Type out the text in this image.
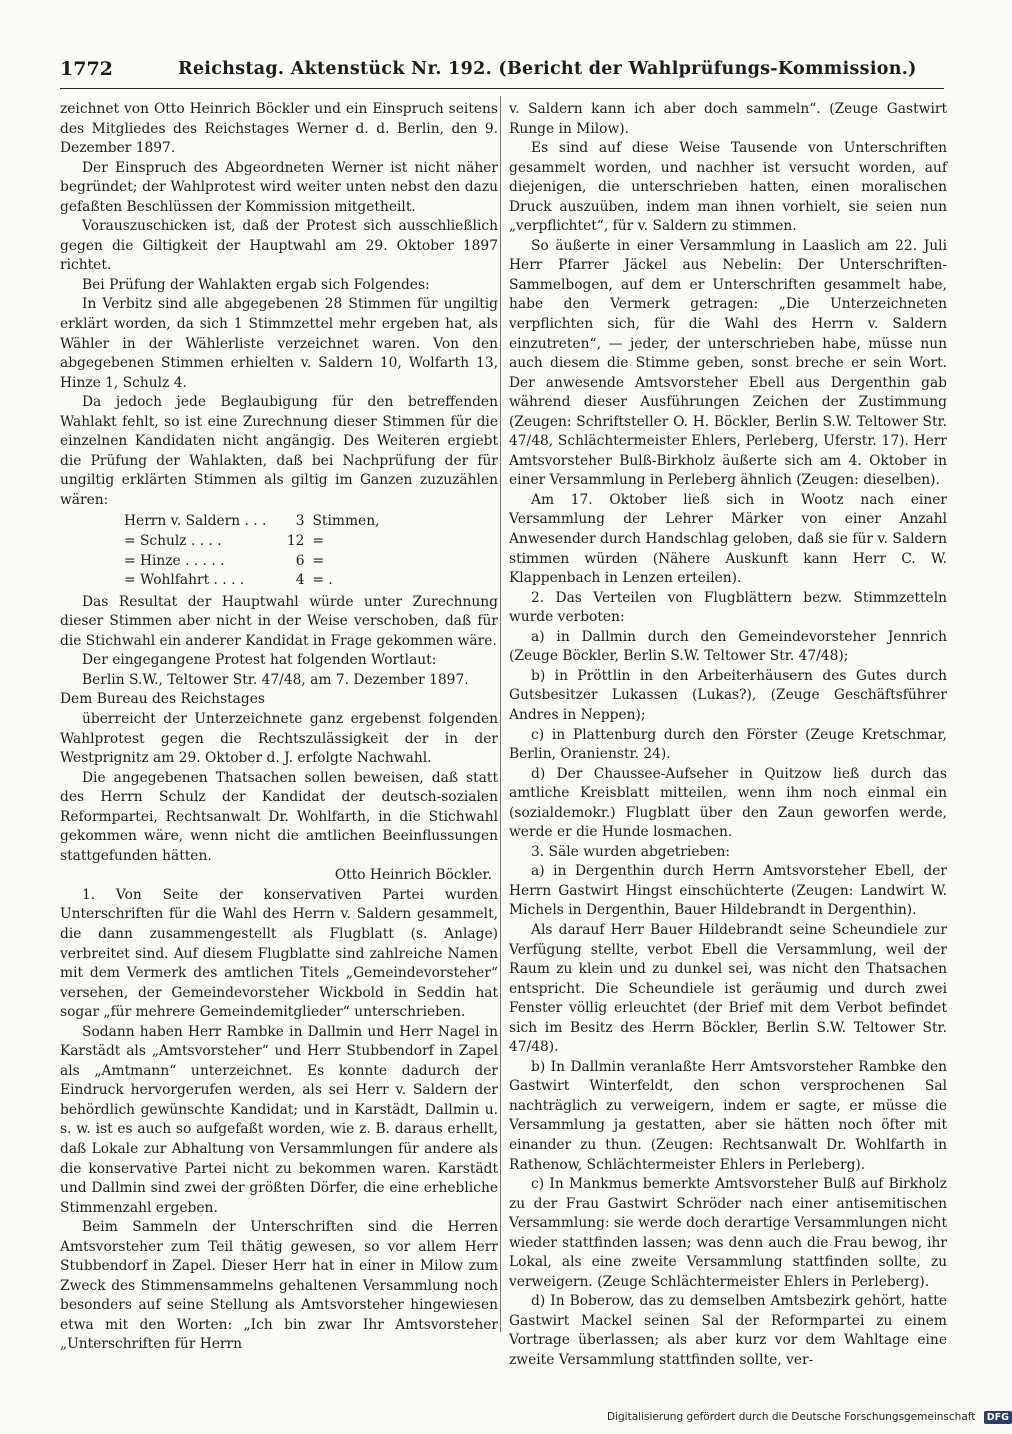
1772	Reichstag. Aktenstück Nr. 192. (Bericht der Wahlprüfungs-Kommission.)

zeichnet von Otto Heinrich Böckler und ein Einspruch seitens des Mitgliedes des Reichstages Werner d. d. Berlin, den 9. Dezember 1897.

Der Einspruch des Abgeordneten Werner ist nicht näher begründet; der Wahlprotest wird weiter unten nebst den dazu gefaßten Beschlüssen der Kommission mitgetheilt.

Vorauszuschicken ist, daß der Protest sich ausschließlich gegen die Giltigkeit der Hauptwahl am 29. Oktober 1897 richtet.

Bei Prüfung der Wahlakten ergab sich Folgendes:

In Verbitz sind alle abgegebenen 28 Stimmen für ungiltig erklärt worden, da sich 1 Stimmzettel mehr ergeben hat, als Wähler in der Wählerliste verzeichnet waren. Von den abgegebenen Stimmen erhielten v. Saldern 10, Wolfarth 13, Hinze 1, Schulz 4.

Da jedoch jede Beglaubigung für den betreffenden Wahlakt fehlt, so ist eine Zurechnung dieser Stimmen für die einzelnen Kandidaten nicht angängig. Des Weiteren ergiebt die Prüfung der Wahlakten, daß bei Nachprüfung der für ungiltig erklärten Stimmen als giltig im Ganzen zuzuzählen wären:

Herrn v. Saldern . . .	3	Stimmen,
= Schulz . . . .	12	=
= Hinze . . . . .	6	=
= Wohlfahrt . . . .	4	= .

Das Resultat der Hauptwahl würde unter Zurechnung dieser Stimmen aber nicht in der Weise verschoben, daß für die Stichwahl ein anderer Kandidat in Frage gekommen wäre.

Der eingegangene Protest hat folgenden Wortlaut:

Berlin S.W., Teltower Str. 47/48, am 7. Dezember 1897.

Dem Bureau des Reichstages

überreicht der Unterzeichnete ganz ergebenst folgenden Wahlprotest gegen die Rechtszulässigkeit der in der Westprignitz am 29. Oktober d. J. erfolgte Nachwahl.

Die angegebenen Thatsachen sollen beweisen, daß statt des Herrn Schulz der Kandidat der deutsch-sozialen Reformpartei, Rechtsanwalt Dr. Wohlfarth, in die Stichwahl gekommen wäre, wenn nicht die amtlichen Beeinflussungen stattgefunden hätten.

Otto Heinrich Böckler.

1. Von Seite der konservativen Partei wurden Unterschriften für die Wahl des Herrn v. Saldern gesammelt, die dann zusammengestellt als Flugblatt (s. Anlage) verbreitet sind. Auf diesem Flugblatte sind zahlreiche Namen mit dem Vermerk des amtlichen Titels „Gemeindevorsteher“ versehen, der Gemeindevorsteher Wickbold in Seddin hat sogar „für mehrere Gemeindemitglieder“ unterschrieben.

Sodann haben Herr Rambke in Dallmin und Herr Nagel in Karstädt als „Amtsvorsteher“ und Herr Stubbendorf in Zapel als „Amtmann“ unterzeichnet. Es konnte dadurch der Eindruck hervorgerufen werden, als sei Herr v. Saldern der behördlich gewünschte Kandidat; und in Karstädt, Dallmin u. s. w. ist es auch so aufgefaßt worden, wie z. B. daraus erhellt, daß Lokale zur Abhaltung von Versammlungen für andere als die konservative Partei nicht zu bekommen waren. Karstädt und Dallmin sind zwei der größten Dörfer, die eine erhebliche Stimmenzahl ergeben.

Beim Sammeln der Unterschriften sind die Herren Amtsvorsteher zum Teil thätig gewesen, so vor allem Herr Stubbendorf in Zapel. Dieser Herr hat in einer in Milow zum Zweck des Stimmensammelns gehaltenen Versammlung noch besonders auf seine Stellung als Amtsvorsteher hingewiesen etwa mit den Worten: „Ich bin zwar Ihr Amtsvorsteher „Unterschriften für Herrn

v. Saldern kann ich aber doch sammeln“. (Zeuge Gastwirt Runge in Milow).

Es sind auf diese Weise Tausende von Unterschriften gesammelt worden, und nachher ist versucht worden, auf diejenigen, die unterschrieben hatten, einen moralischen Druck auszuüben, indem man ihnen vorhielt, sie seien nun „verpflichtet“, für v. Saldern zu stimmen.

So äußerte in einer Versammlung in Laaslich am 22. Juli Herr Pfarrer Jäckel aus Nebelin: Der Unterschriften-Sammelbogen, auf dem er Unterschriften gesammelt habe, habe den Vermerk getragen: „Die Unterzeichneten verpflichten sich, für die Wahl des Herrn v. Saldern einzutreten“, — jeder, der unterschrieben habe, müsse nun auch diesem die Stimme geben, sonst breche er sein Wort. Der anwesende Amtsvorsteher Ebell aus Dergenthin gab während dieser Ausführungen Zeichen der Zustimmung (Zeugen: Schriftsteller O. H. Böckler, Berlin S.W. Teltower Str. 47/48, Schlächtermeister Ehlers, Perleberg, Uferstr. 17). Herr Amtsvorsteher Bulß-Birkholz äußerte sich am 4. Oktober in einer Versammlung in Perleberg ähnlich (Zeugen: dieselben).

Am 17. Oktober ließ sich in Wootz nach einer Versammlung der Lehrer Märker von einer Anzahl Anwesender durch Handschlag geloben, daß sie für v. Saldern stimmen würden (Nähere Auskunft kann Herr C. W. Klappenbach in Lenzen erteilen).

2. Das Verteilen von Flugblättern bezw. Stimmzetteln wurde verboten:

a) in Dallmin durch den Gemeindevorsteher Jennrich (Zeuge Böckler, Berlin S.W. Teltower Str. 47/48);

b) in Pröttlin in den Arbeiterhäusern des Gutes durch Gutsbesitzer Lukassen (Lukas?), (Zeuge Geschäftsführer Andres in Neppen);

c) in Plattenburg durch den Förster (Zeuge Kretschmar, Berlin, Oranienstr. 24).

d) Der Chaussee-Aufseher in Quitzow ließ durch das amtliche Kreisblatt mitteilen, wenn ihm noch einmal ein (sozialdemokr.) Flugblatt über den Zaun geworfen werde, werde er die Hunde losmachen.

3. Säle wurden abgetrieben:

a) in Dergenthin durch Herrn Amtsvorsteher Ebell, der Herrn Gastwirt Hingst einschüchterte (Zeugen: Landwirt W. Michels in Dergenthin, Bauer Hildebrandt in Dergenthin).

Als darauf Herr Bauer Hildebrandt seine Scheundiele zur Verfügung stellte, verbot Ebell die Versammlung, weil der Raum zu klein und zu dunkel sei, was nicht den Thatsachen entspricht. Die Scheundiele ist geräumig und durch zwei Fenster völlig erleuchtet (der Brief mit dem Verbot befindet sich im Besitz des Herrn Böckler, Berlin S.W. Teltower Str. 47/48).

b) In Dallmin veranlaßte Herr Amtsvorsteher Rambke den Gastwirt Winterfeldt, den schon versprochenen Sal nachträglich zu verweigern, indem er sagte, er müsse die Versammlung ja gestatten, aber sie hätten noch öfter mit einander zu thun. (Zeugen: Rechtsanwalt Dr. Wohlfarth in Rathenow, Schlächtermeister Ehlers in Perleberg).

c) In Mankmus bemerkte Amtsvorsteher Bulß auf Birkholz zu der Frau Gastwirt Schröder nach einer antisemitischen Versammlung: sie werde doch derartige Versammlungen nicht wieder stattfinden lassen; was denn auch die Frau bewog, ihr Lokal, als eine zweite Versammlung stattfinden sollte, zu verweigern. (Zeuge Schlächtermeister Ehlers in Perleberg).

d) In Boberow, das zu demselben Amtsbezirk gehört, hatte Gastwirt Mackel seinen Sal der Reformpartei zu einem Vortrage überlassen; als aber kurz vor dem Wahltage eine zweite Versammlung stattfinden sollte, ver-

Digitalisierung gefördert durch die Deutsche Forschungsgemeinschaft DFG
